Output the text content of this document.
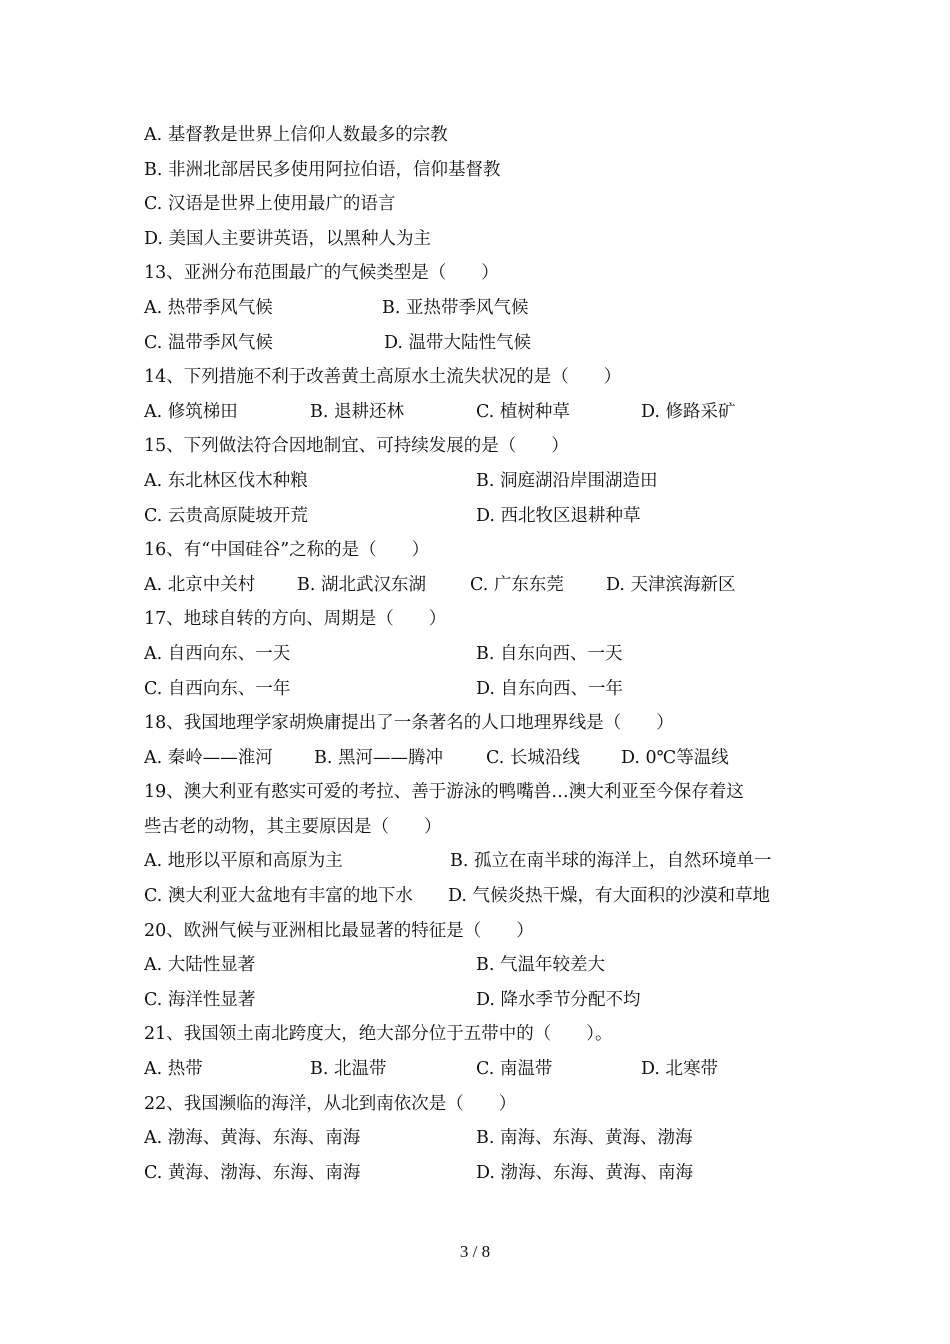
A. 基督教是世界上信仰人数最多的宗教
B. 非洲北部居民多使用阿拉伯语，信仰基督教
C. 汉语是世界上使用最广的语言
D. 美国人主要讲英语，以黑种人为主
13、亚洲分布范围最广的气候类型是（　　）
A. 热带季风气候	B. 亚热带季风气候
C. 温带季风气候	D. 温带大陆性气候
14、下列措施不利于改善黄土高原水土流失状况的是（　　）
A. 修筑梯田	B. 退耕还林	C. 植树种草	D. 修路采矿
15、下列做法符合因地制宜、可持续发展的是（　　）
A. 东北林区伐木种粮	B. 洞庭湖沿岸围湖造田
C. 云贵高原陡坡开荒	D. 西北牧区退耕种草
16、有“中国硅谷”之称的是（　　）
A. 北京中关村 B. 湖北武汉东湖	C. 广东东莞 D. 天津滨海新区
17、地球自转的方向、周期是（　　）
A. 自西向东、一天	B. 自东向西、一天
C. 自西向东、一年	D. 自东向西、一年
18、我国地理学家胡焕庸提出了一条著名的人口地理界线是（　　）
A. 秦岭——淮河 B. 黑河——腾冲 C. 长城沿线 D. 0℃等温线
19、澳大利亚有憨实可爱的考拉、善于游泳的鸭嘴兽…澳大利亚至今保存着这
些古老的动物，其主要原因是（　　）
A. 地形以平原和高原为主	B. 孤立在南半球的海洋上，自然环境单一
C. 澳大利亚大盆地有丰富的地下水 D. 气候炎热干燥，有大面积的沙漠和草地
20、欧洲气候与亚洲相比最显著的特征是（　　）
A. 大陆性显著	B. 气温年较差大
C. 海洋性显著	D. 降水季节分配不均
21、我国领土南北跨度大，绝大部分位于五带中的（　　）。
A. 热带	B. 北温带	C. 南温带	D. 北寒带
22、我国濒临的海洋，从北到南依次是（　　）
A. 渤海、黄海、东海、南海	B. 南海、东海、黄海、渤海
C. 黄海、渤海、东海、南海	D. 渤海、东海、黄海、南海
3 / 8
